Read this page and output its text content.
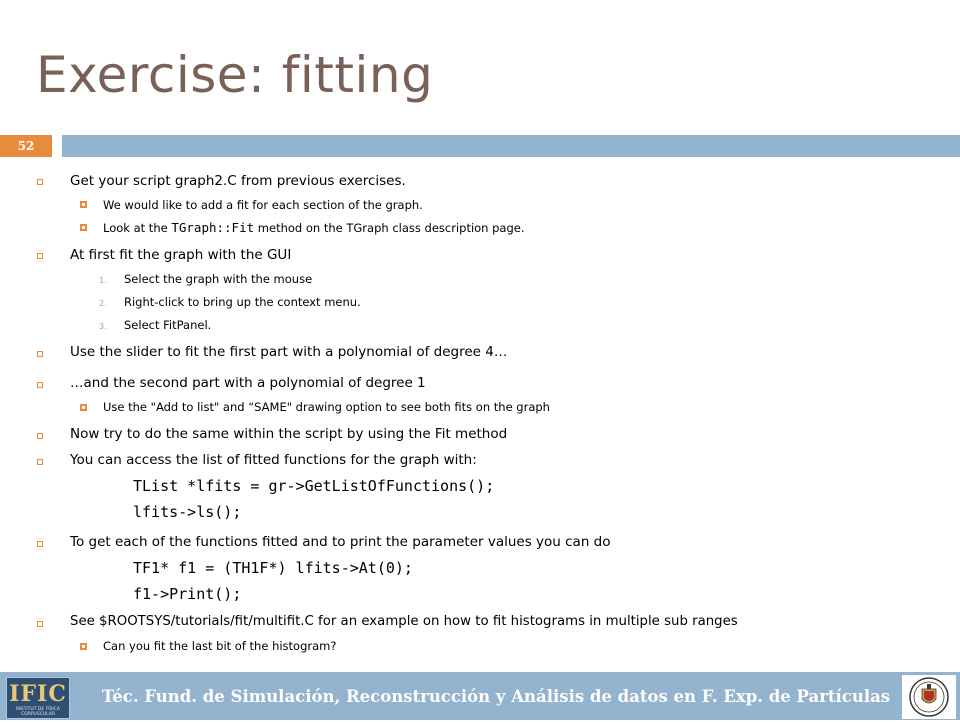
Exercise: fitting
52
Get your script graph2.C from previous exercises.
We would like to add a fit for each section of the graph.
Look at the TGraph::Fit method on the TGraph class description page.
At first fit the graph with the GUI
1. Select the graph with the mouse
2. Right-click to bring up the context menu.
3. Select FitPanel.
Use the slider to fit the first part with a polynomial of degree 4…
…and the second part with a polynomial of degree 1
Use the "Add to list" and “SAME" drawing option to see both fits on the graph
Now try to do the same within the script by using the Fit method
You can access the list of fitted functions for the graph with:
TList *lfits = gr->GetListOfFunctions();
lfits->ls();
To get each of the functions fitted and to print the parameter values you can do
TF1* f1 = (TH1F*) lfits->At(0);
f1->Print();
See $ROOTSYS/tutorials/fit/multifit.C for an example on how to fit histograms in multiple sub ranges
Can you fit the last bit of the histogram?
IFIC
INSTITUT DE FÍSICA CORPUSCULAR
Téc. Fund. de Simulación, Reconstrucción y Análisis de datos en F. Exp. de Partículas
